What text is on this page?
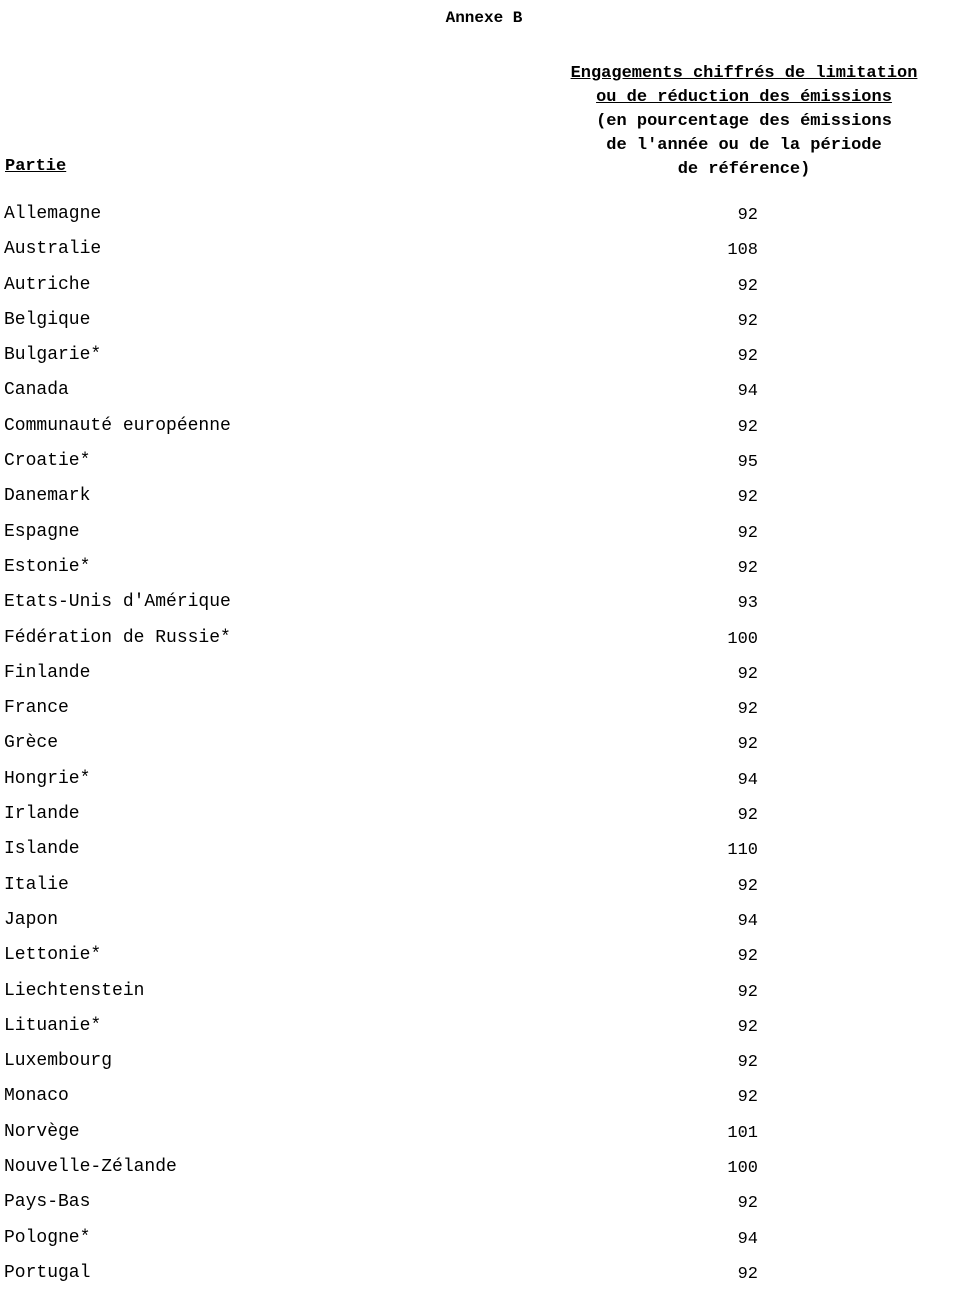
Annexe B
Engagements chiffrés de limitation
ou de réduction des émissions
(en pourcentage des émissions
de l'année ou de la période
de référence)
Partie
Allemagne	92
Australie	108
Autriche	92
Belgique	92
Bulgarie*	92
Canada	94
Communauté européenne	92
Croatie*	95
Danemark	92
Espagne	92
Estonie*	92
Etats-Unis d'Amérique	93
Fédération de Russie*	100
Finlande	92
France	92
Grèce	92
Hongrie*	94
Irlande	92
Islande	110
Italie	92
Japon	94
Lettonie*	92
Liechtenstein	92
Lituanie*	92
Luxembourg	92
Monaco	92
Norvège	101
Nouvelle-Zélande	100
Pays-Bas	92
Pologne*	94
Portugal	92
